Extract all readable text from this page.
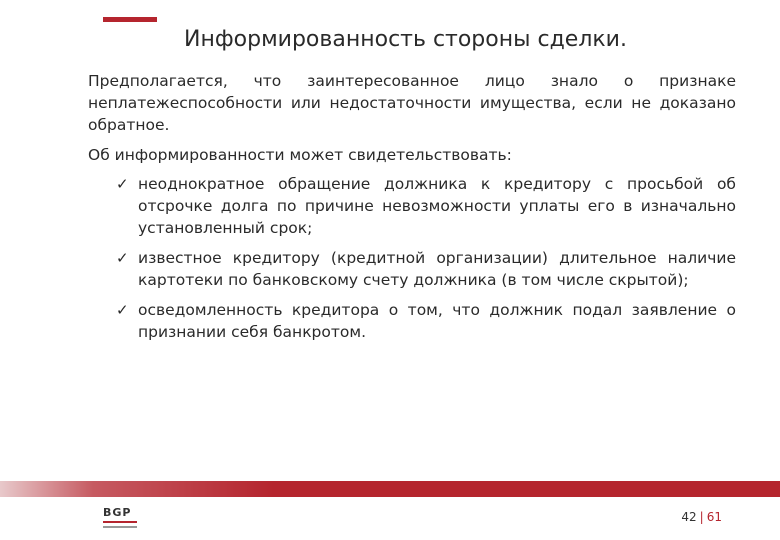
Информированность стороны сделки.

Предполагается, что заинтересованное лицо знало о признаке неплатежеспособности или недостаточности имущества, если не доказано обратное.

Об информированности может свидетельствовать:

✓ неоднократное обращение должника к кредитору с просьбой об отсрочке долга по причине невозможности уплаты его в изначально установленный срок;
✓ известное кредитору (кредитной организации) длительное наличие картотеки по банковскому счету должника (в том числе скрытой);
✓ осведомленность кредитора о том, что должник подал заявление о признании себя банкротом.
BGP	42 | 61
